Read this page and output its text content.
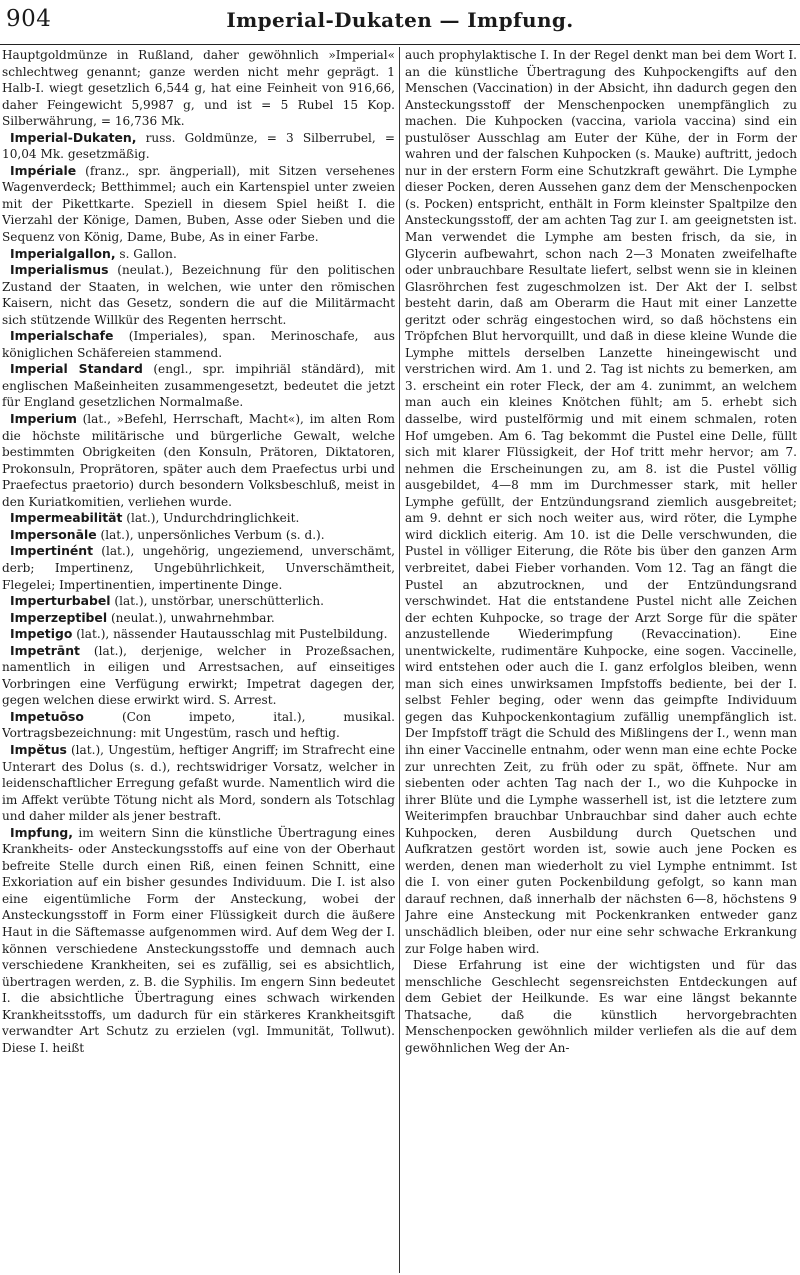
904	Imperial-Dukaten — Impfung.

Hauptgoldmünze in Rußland, daher gewöhnlich »Imperial« schlechtweg genannt; ganze werden nicht mehr geprägt. 1 Halb-I. wiegt gesetzlich 6,544 g, hat eine Feinheit von 916,66, daher Feingewicht 5,9987 g, und ist = 5 Rubel 15 Kop. Silberwährung, = 16,736 Mk.

Imperial-Dukaten, russ. Goldmünze, = 3 Silberrubel, = 10,04 Mk. gesetzmäßig.

Impériale (franz., spr. ängperiall), mit Sitzen versehenes Wagenverdeck; Betthimmel; auch ein Kartenspiel unter zweien mit der Pikettkarte. Speziell in diesem Spiel heißt I. die Vierzahl der Könige, Damen, Buben, Asse oder Sieben und die Sequenz von König, Dame, Bube, As in einer Farbe.

Imperialgallon, s. Gallon.

Imperialismus (neulat.), Bezeichnung für den politischen Zustand der Staaten, in welchen, wie unter den römischen Kaisern, nicht das Gesetz, sondern die auf die Militärmacht sich stützende Willkür des Regenten herrscht.

Imperialschafe (Imperiales), span. Merinoschafe, aus königlichen Schäfereien stammend.

Imperial Standard (engl., spr. impihriäl ständärd), mit englischen Maßeinheiten zusammengesetzt, bedeutet die jetzt für England gesetzlichen Normalmaße.

Imperium (lat., »Befehl, Herrschaft, Macht«), im alten Rom die höchste militärische und bürgerliche Gewalt, welche bestimmten Obrigkeiten (den Konsuln, Prätoren, Diktatoren, Prokonsuln, Proprätoren, später auch dem Praefectus urbi und Praefectus praetorio) durch besondern Volksbeschluß, meist in den Kuriatkomitien, verliehen wurde.

Impermeabilität (lat.), Undurchdringlichkeit.

Impersonāle (lat.), unpersönliches Verbum (s. d.).

Impertinént (lat.), ungehörig, ungeziemend, unverschämt, derb; Impertinenz, Ungebührlichkeit, Unverschämtheit, Flegelei; Impertinentien, impertinente Dinge.

Imperturbabel (lat.), unstörbar, unerschütterlich.

Imperzeptibel (neulat.), unwahrnehmbar.

Impetigo (lat.), nässender Hautausschlag mit Pustelbildung.

Impetrānt (lat.), derjenige, welcher in Prozeßsachen, namentlich in eiligen und Arrestsachen, auf einseitiges Vorbringen eine Verfügung erwirkt; Impetrat dagegen der, gegen welchen diese erwirkt wird. S. Arrest.

Impetuōso	(Con impeto, ital.), musikal. Vortragsbezeichnung: mit Ungestüm, rasch und heftig.

Impĕtus (lat.), Ungestüm, heftiger Angriff; im Strafrecht eine Unterart des Dolus (s. d.), rechtswidriger Vorsatz, welcher in leidenschaftlicher Erregung gefaßt wurde. Namentlich wird die im Affekt verübte Tötung nicht als Mord, sondern als Totschlag und daher milder als jener bestraft.

Impfung, im weitern Sinn die künstliche Übertragung eines Krankheits- oder Ansteckungsstoffs auf eine von der Oberhaut befreite Stelle durch einen Riß, einen feinen Schnitt, eine Exkoriation auf ein bisher gesundes Individuum. Die I. ist also eine eigentümliche Form der Ansteckung, wobei der Ansteckungsstoff in Form einer Flüssigkeit durch die äußere Haut in die Säftemasse aufgenommen wird. Auf dem Weg der I. können verschiedene Ansteckungsstoffe und demnach auch verschiedene Krankheiten, sei es zufällig, sei es absichtlich, übertragen werden, z. B. die Syphilis. Im engern Sinn bedeutet I. die absichtliche Übertragung eines schwach wirkenden Krankheitsstoffs, um dadurch für ein stärkeres Krankheitsgift verwandter Art Schutz zu erzielen (vgl. Immunität, Tollwut). Diese I. heißt

auch prophylaktische I. In der Regel denkt man bei dem Wort I. an die künstliche Übertragung des Kuhpockengifts auf den Menschen (Vaccination) in der Absicht, ihn dadurch gegen den Ansteckungsstoff der Menschenpocken unempfänglich zu machen. Die Kuhpocken (vaccina, variola vaccina) sind ein pustulöser Ausschlag am Euter der Kühe, der in Form der wahren und der falschen Kuhpocken (s. Mauke) auftritt, jedoch nur in der erstern Form eine Schutzkraft gewährt. Die Lymphe dieser Pocken, deren Aussehen ganz dem der Menschenpocken (s. Pocken) entspricht, enthält in Form kleinster Spaltpilze den Ansteckungsstoff, der am achten Tag zur I. am geeignetsten ist. Man verwendet die Lymphe am besten frisch, da sie, in Glycerin aufbewahrt, schon nach 2—3 Monaten zweifelhafte oder unbrauchbare Resultate liefert, selbst wenn sie in kleinen Glasröhrchen fest zugeschmolzen ist. Der Akt der I. selbst besteht darin, daß am Oberarm die Haut mit einer Lanzette geritzt oder schräg eingestochen wird, so daß höchstens ein Tröpfchen Blut hervorquillt, und daß in diese kleine Wunde die Lymphe mittels derselben Lanzette hineingewischt und verstrichen wird. Am 1. und 2. Tag ist nichts zu bemerken, am 3. erscheint ein roter Fleck, der am 4. zunimmt, an welchem man auch ein kleines Knötchen fühlt; am 5. erhebt sich dasselbe, wird pustelförmig und mit einem schmalen, roten Hof umgeben. Am 6. Tag bekommt die Pustel eine Delle, füllt sich mit klarer Flüssigkeit, der Hof tritt mehr hervor; am 7. nehmen die Erscheinungen zu, am 8. ist die Pustel völlig ausgebildet, 4—8 mm im Durchmesser stark, mit heller Lymphe gefüllt, der Entzündungsrand ziemlich ausgebreitet; am 9. dehnt er sich noch weiter aus, wird röter, die Lymphe wird dicklich eiterig. Am 10. ist die Delle verschwunden, die Pustel in völliger Eiterung, die Röte bis über den ganzen Arm verbreitet, dabei Fieber vorhanden. Vom 12. Tag an fängt die Pustel an abzutrocknen, und der Entzündungsrand verschwindet. Hat die entstandene Pustel nicht alle Zeichen der echten Kuhpocke, so trage der Arzt Sorge für die später anzustellende Wiederimpfung (Revaccination). Eine unentwickelte, rudimentäre Kuhpocke, eine sogen. Vaccinelle, wird entstehen oder auch die I. ganz erfolglos bleiben, wenn man sich eines unwirksamen Impfstoffs bediente, bei der I. selbst Fehler beging, oder wenn das geimpfte Individuum gegen das Kuhpockenkontagium zufällig unempfänglich ist. Der Impfstoff trägt die Schuld des Mißlingens der I., wenn man ihn einer Vaccinelle entnahm, oder wenn man eine echte Pocke zur unrechten Zeit, zu früh oder zu spät, öffnete. Nur am siebenten oder achten Tag nach der I., wo die Kuhpocke in ihrer Blüte und die Lymphe wasserhell ist, ist die letztere zum Weiterimpfen brauchbar Unbrauchbar sind daher auch echte Kuhpocken, deren Ausbildung durch Quetschen und Aufkratzen gestört worden ist, sowie auch jene Pocken es werden, denen man wiederholt zu viel Lymphe entnimmt. Ist die I. von einer guten Pockenbildung gefolgt, so kann man darauf rechnen, daß innerhalb der nächsten 6—8, höchstens 9 Jahre eine Ansteckung mit Pockenkranken entweder ganz unschädlich bleiben, oder nur eine sehr schwache Erkrankung zur Folge haben wird.

Diese Erfahrung ist eine der wichtigsten und für das menschliche Geschlecht segensreichsten Entdeckungen auf dem Gebiet der Heilkunde. Es war eine längst bekannte Thatsache, daß die künstlich hervorgebrachten Menschenpocken gewöhnlich milder verliefen als die auf dem gewöhnlichen Weg der An-
